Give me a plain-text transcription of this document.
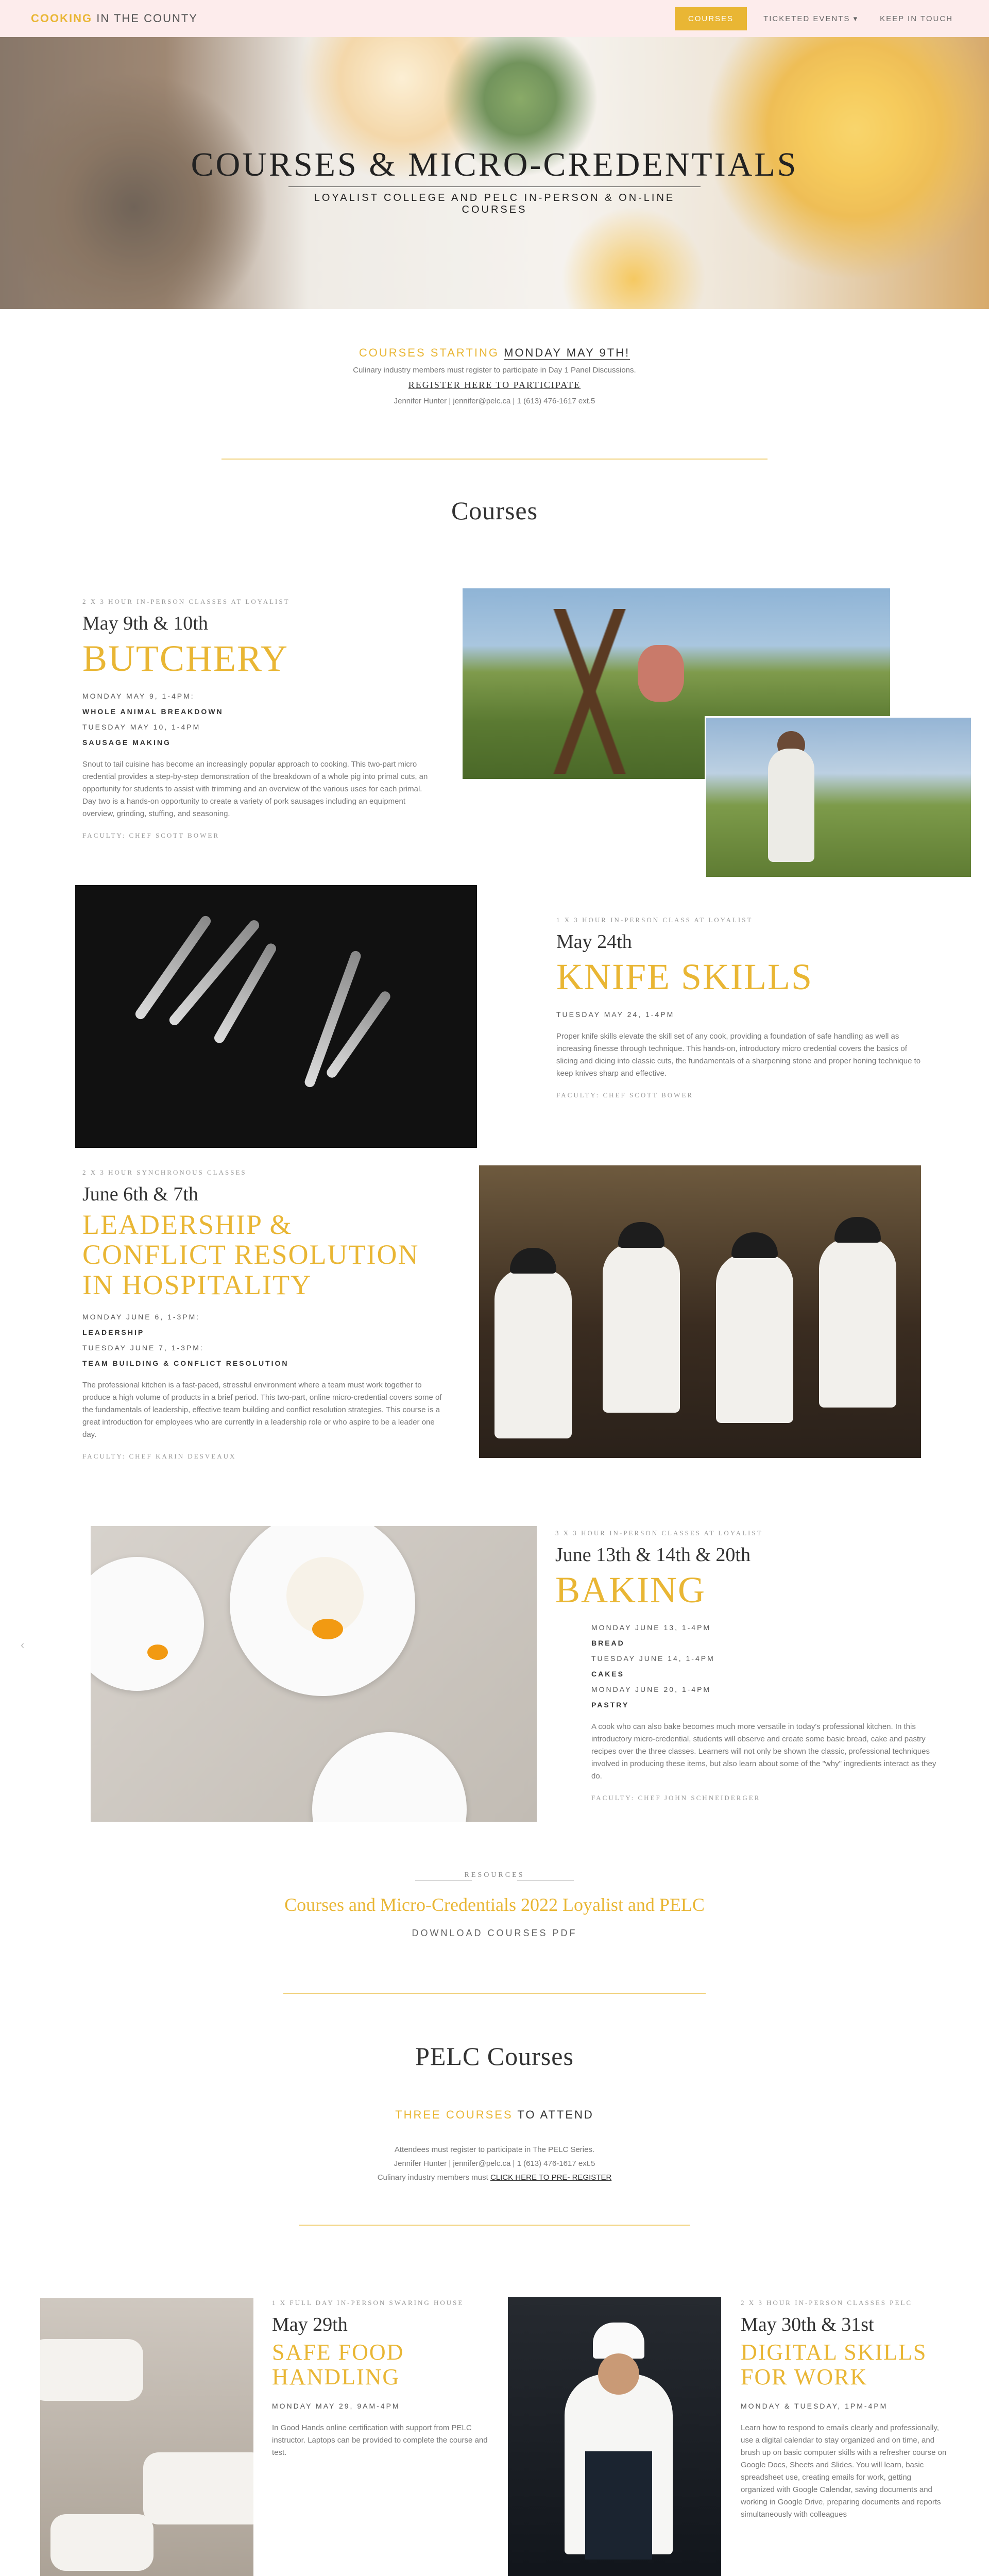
COOKING IN THE COUNTY	COURSES	TICKETED EVENTS ▾	KEEP IN TOUCH
COURSES & MICRO-CREDENTIALS
LOYALIST COLLEGE AND PELC IN-PERSON & ON-LINE COURSES
COURSES STARTING MONDAY MAY 9TH!

Culinary industry members must register to participate in Day 1 Panel Discussions.

REGISTER HERE TO PARTICIPATE

Jennifer Hunter | jennifer@pelc.ca | 1 (613) 476-1617 ext.5

Courses
2 X 3 HOUR IN-PERSON CLASSES AT LOYALIST
May 9th & 10th
BUTCHERY
MONDAY MAY 9, 1-4PM:
WHOLE ANIMAL BREAKDOWN
TUESDAY MAY 10, 1-4PM
SAUSAGE MAKING
Snout to tail cuisine has become an increasingly popular approach to cooking. This two-part micro credential provides a step-by-step demonstration of the breakdown of a whole pig into primal cuts, an opportunity for students to assist with trimming and an overview of the various uses for each primal. Day two is a hands-on opportunity to create a variety of pork sausages including an equipment overview, grinding, stuffing, and seasoning.
FACULTY: CHEF SCOTT BOWER
1 X 3 HOUR IN-PERSON CLASS AT LOYALIST
May 24th
KNIFE SKILLS
TUESDAY MAY 24, 1-4PM
Proper knife skills elevate the skill set of any cook, providing a foundation of safe handling as well as increasing finesse through technique. This hands-on, introductory micro credential covers the basics of slicing and dicing into classic cuts, the fundamentals of a sharpening stone and proper honing technique to keep knives sharp and effective.
FACULTY: CHEF SCOTT BOWER
2 X 3 HOUR SYNCHRONOUS CLASSES
June 6th & 7th
LEADERSHIP & CONFLICT RESOLUTION IN HOSPITALITY
MONDAY JUNE 6, 1-3PM:
LEADERSHIP
TUESDAY JUNE 7, 1-3PM:
TEAM BUILDING & CONFLICT RESOLUTION
The professional kitchen is a fast-paced, stressful environment where a team must work together to produce a high volume of products in a brief period. This two-part, online micro-credential covers some of the fundamentals of leadership, effective team building and conflict resolution strategies. This course is a great introduction for employees who are currently in a leadership role or who aspire to be a leader one day.
FACULTY: CHEF KARIN DESVEAUX
‹
3 X 3 HOUR IN-PERSON CLASSES AT LOYALIST
June 13th & 14th & 20th
BAKING
MONDAY JUNE 13, 1-4PM
BREAD
TUESDAY JUNE 14, 1-4PM
CAKES
MONDAY JUNE 20, 1-4PM
PASTRY
A cook who can also bake becomes much more versatile in today's professional kitchen. In this introductory micro-credential, students will observe and create some basic bread, cake and pastry recipes over the three classes. Learners will not only be shown the classic, professional techniques involved in producing these items, but also learn about some of the "why" ingredients interact as they do.
FACULTY: CHEF JOHN SCHNEIDERGER
RESOURCES
Courses and Micro-Credentials 2022 Loyalist and PELC
DOWNLOAD COURSES PDF
PELC Courses
THREE COURSES TO ATTEND

Attendees must register to participate in The PELC Series.

Jennifer Hunter | jennifer@pelc.ca | 1 (613) 476-1617 ext.5

Culinary industry members must CLICK HERE TO PRE- REGISTER

1 X FULL DAY IN-PERSON SWARING HOUSE
May 29th
SAFE FOOD HANDLING
MONDAY MAY 29, 9AM-4PM
In Good Hands online certification with support from PELC instructor. Laptops can be provided to complete the course and test.
2 X 3 HOUR IN-PERSON CLASSES PELC
May 30th & 31st
DIGITAL SKILLS FOR WORK
MONDAY & TUESDAY, 1PM-4PM
Learn how to respond to emails clearly and professionally, use a digital calendar to stay organized and on time, and brush up on basic computer skills with a refresher course on Google Docs, Sheets and Slides. You will learn, basic spreadsheet use, creating emails for work, getting organized with Google Calendar, saving documents and working in Google Drive, preparing documents and reports simultaneously with colleagues
